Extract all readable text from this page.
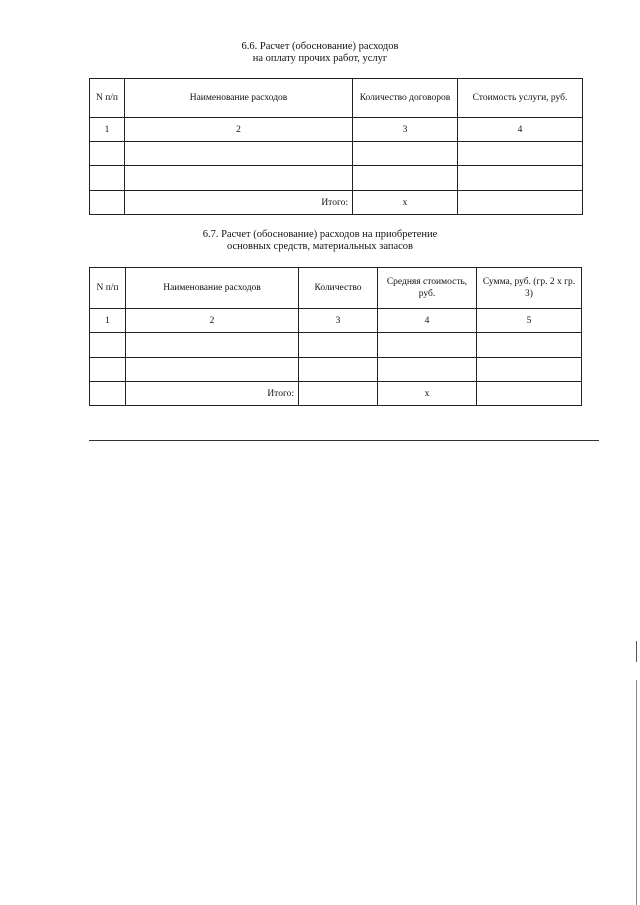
6.6. Расчет (обоснование) расходов
на оплату прочих работ, услуг
N п/п	Наименование расходов	Количество договоров	Стоимость услуги, руб.
1	2	3	4

	Итого:	x	
6.7. Расчет (обоснование) расходов на приобретение
основных средств, материальных запасов
N п/п	Наименование расходов	Количество	Средняя стоимость, руб.	Сумма, руб. (гр. 2 x гр. 3)
1	2	3	4	5

	Итого:		x	
